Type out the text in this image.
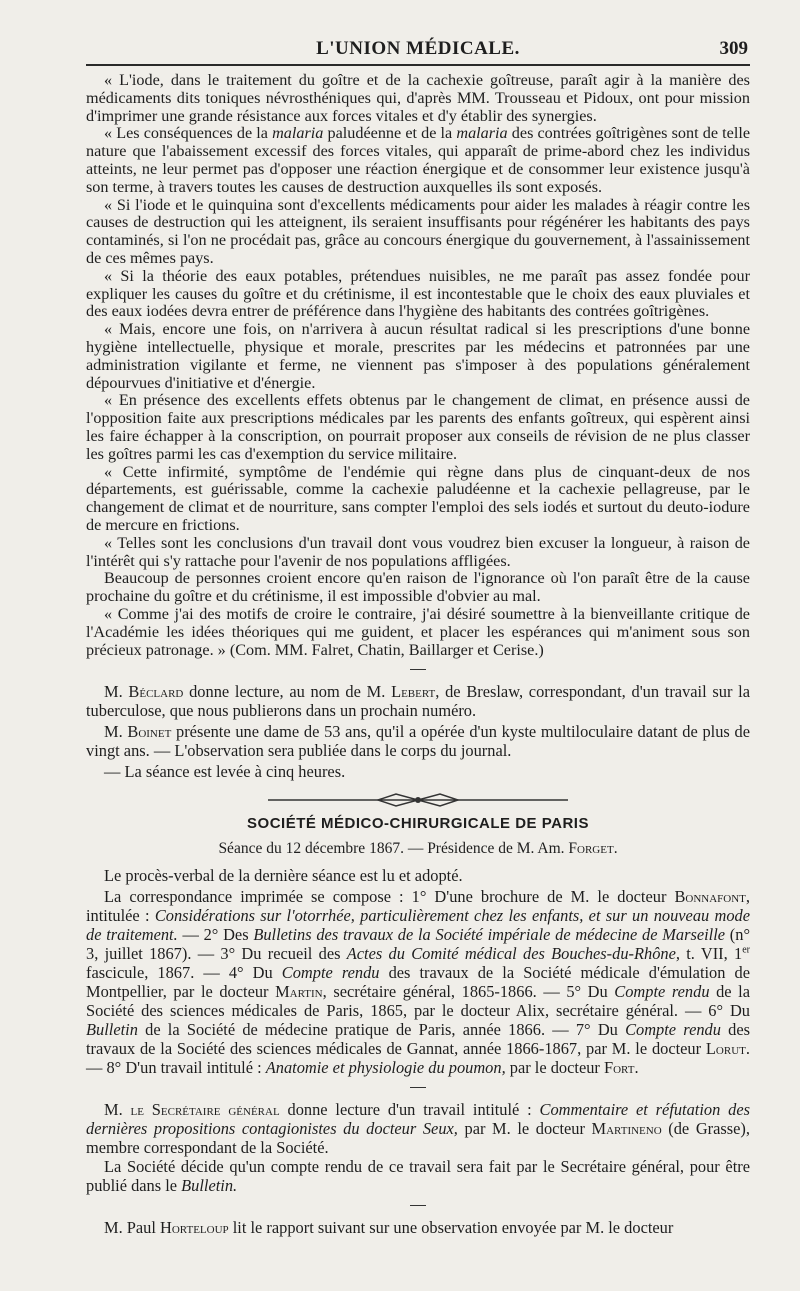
L'UNION MÉDICALE.	309

« L'iode, dans le traitement du goître et de la cachexie goîtreuse, paraît agir à la manière des médicaments dits toniques névrosthéniques qui, d'après MM. Trousseau et Pidoux, ont pour mission d'imprimer une grande résistance aux forces vitales et d'y établir des synergies.

« Les conséquences de la malaria paludéenne et de la malaria des contrées goîtrigènes sont de telle nature que l'abaissement excessif des forces vitales, qui apparaît de prime-abord chez les individus atteints, ne leur permet pas d'opposer une réaction énergique et de consommer leur existence jusqu'à son terme, à travers toutes les causes de destruction auxquelles ils sont exposés.

« Si l'iode et le quinquina sont d'excellents médicaments pour aider les malades à réagir contre les causes de destruction qui les atteignent, ils seraient insuffisants pour régénérer les habitants des pays contaminés, si l'on ne procédait pas, grâce au concours énergique du gouvernement, à l'assainissement de ces mêmes pays.

« Si la théorie des eaux potables, prétendues nuisibles, ne me paraît pas assez fondée pour expliquer les causes du goître et du crétinisme, il est incontestable que le choix des eaux pluviales et des eaux iodées devra entrer de préférence dans l'hygiène des habitants des contrées goîtrigènes.

« Mais, encore une fois, on n'arrivera à aucun résultat radical si les prescriptions d'une bonne hygiène intellectuelle, physique et morale, prescrites par les médecins et patronnées par une administration vigilante et ferme, ne viennent pas s'imposer à des populations généralement dépourvues d'initiative et d'énergie.

« En présence des excellents effets obtenus par le changement de climat, en présence aussi de l'opposition faite aux prescriptions médicales par les parents des enfants goîtreux, qui espèrent ainsi les faire échapper à la conscription, on pourrait proposer aux conseils de révision de ne plus classer les goîtres parmi les cas d'exemption du service militaire.

« Cette infirmité, symptôme de l'endémie qui règne dans plus de cinquant-deux de nos départements, est guérissable, comme la cachexie paludéenne et la cachexie pellagreuse, par le changement de climat et de nourriture, sans compter l'emploi des sels iodés et surtout du deuto-iodure de mercure en frictions.

« Telles sont les conclusions d'un travail dont vous voudrez bien excuser la longueur, à raison de l'intérêt qui s'y rattache pour l'avenir de nos populations affligées.

Beaucoup de personnes croient encore qu'en raison de l'ignorance où l'on paraît être de la cause prochaine du goître et du crétinisme, il est impossible d'obvier au mal.

« Comme j'ai des motifs de croire le contraire, j'ai désiré soumettre à la bienveillante critique de l'Académie les idées théoriques qui me guident, et placer les espérances qui m'animent sous son précieux patronage. » (Com. MM. Falret, Chatin, Baillarger et Cerise.)

M. Béclard donne lecture, au nom de M. Lebert, de Breslaw, correspondant, d'un travail sur la tuberculose, que nous publierons dans un prochain numéro.

M. Boinet présente une dame de 53 ans, qu'il a opérée d'un kyste multiloculaire datant de plus de vingt ans. — L'observation sera publiée dans le corps du journal.

— La séance est levée à cinq heures.

SOCIÉTÉ MÉDICO-CHIRURGICALE DE PARIS
Séance du 12 décembre 1867. — Présidence de M. Am. Forget.

Le procès-verbal de la dernière séance est lu et adopté.

La correspondance imprimée se compose : 1° D'une brochure de M. le docteur Bonnafont, intitulée : Considérations sur l'otorrhée, particulièrement chez les enfants, et sur un nouveau mode de traitement. — 2° Des Bulletins des travaux de la Société impériale de médecine de Marseille (n° 3, juillet 1867). — 3° Du recueil des Actes du Comité médical des Bouches-du-Rhône, t. VII, 1er fascicule, 1867. — 4° Du Compte rendu des travaux de la Société médicale d'émulation de Montpellier, par le docteur Martin, secrétaire général, 1865-1866. — 5° Du Compte rendu de la Société des sciences médicales de Paris, 1865, par le docteur Alix, secrétaire général. — 6° Du Bulletin de la Société de médecine pratique de Paris, année 1866. — 7° Du Compte rendu des travaux de la Société des sciences médicales de Gannat, année 1866-1867, par M. le docteur Lorut. — 8° D'un travail intitulé : Anatomie et physiologie du poumon, par le docteur Fort.

M. le Secrétaire général donne lecture d'un travail intitulé : Commentaire et réfutation des dernières propositions contagionistes du docteur Seux, par M. le docteur Martineno (de Grasse), membre correspondant de la Société.

La Société décide qu'un compte rendu de ce travail sera fait par le Secrétaire général, pour être publié dans le Bulletin.

M. Paul Horteloup lit le rapport suivant sur une observation envoyée par M. le docteur
